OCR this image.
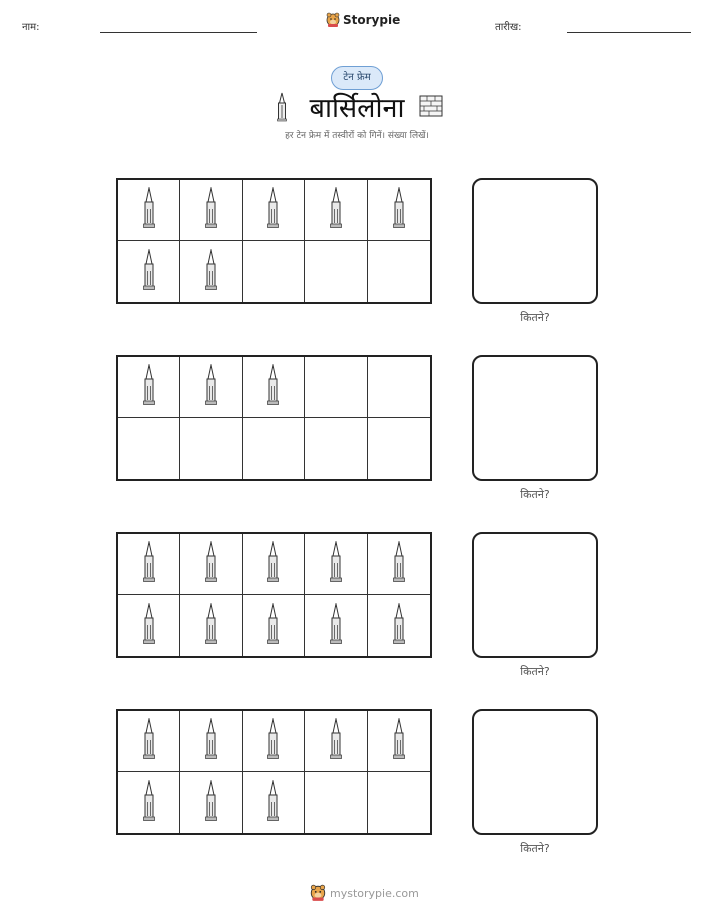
नाम:
Storypie
तारीख:
टेन फ्रेम
बार्सिलोना
हर टेन फ्रेम में तस्वीरों को गिनें। संख्या लिखें।
कितने?
कितने?
कितने?
कितने?
mystorypie.com
